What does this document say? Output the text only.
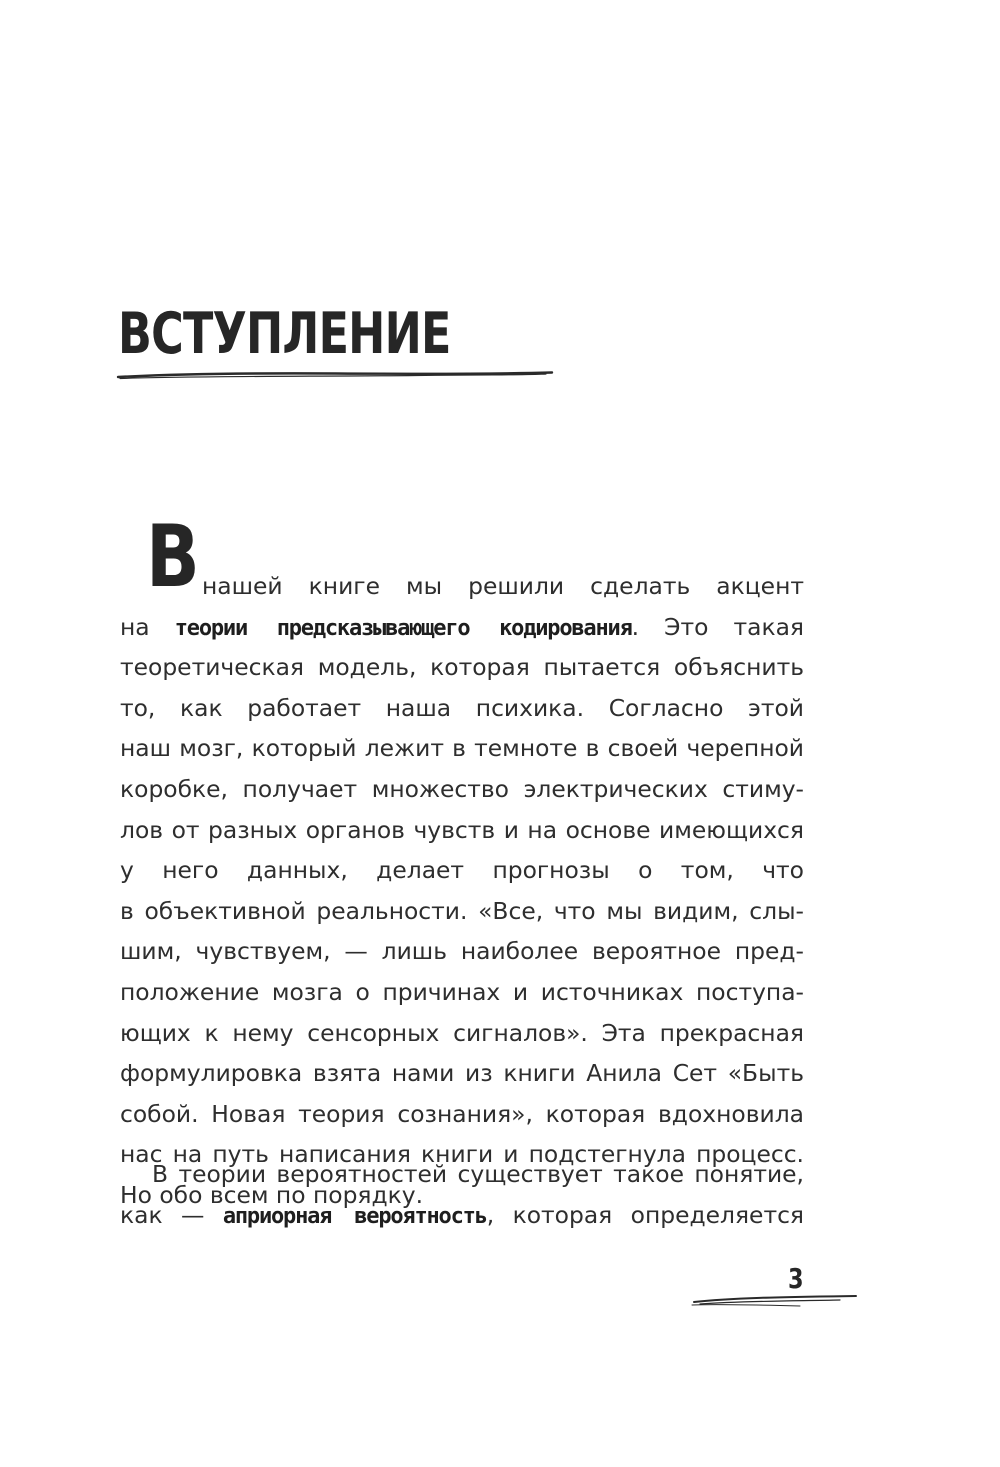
ВСТУПЛЕНИЕ
В нашей книге мы решили сделать акцент
на теории предсказывающего кодирования. Это такая
теоретическая модель, которая пытается объяснить
то, как работает наша психика. Согласно этой
наш мозг, который лежит в темноте в своей черепной
коробке, получает множество электрических стиму-
лов от разных органов чувств и на основе имеющихся
у него данных, делает прогнозы о том, что
в объективной реальности. «Все, что мы видим, слы-
шим, чувствуем, — лишь наиболее вероятное пред-
положение мозга о причинах и источниках поступа-
ющих к нему сенсорных сигналов». Эта прекрасная
формулировка взята нами из книги Анила Сет «Быть
собой. Новая теория сознания», которая вдохновила
нас на путь написания книги и подстегнула процесс.
Но обо всем по порядку.
В теории вероятностей существует такое понятие,
как — априорная вероятность, которая определяется
3
